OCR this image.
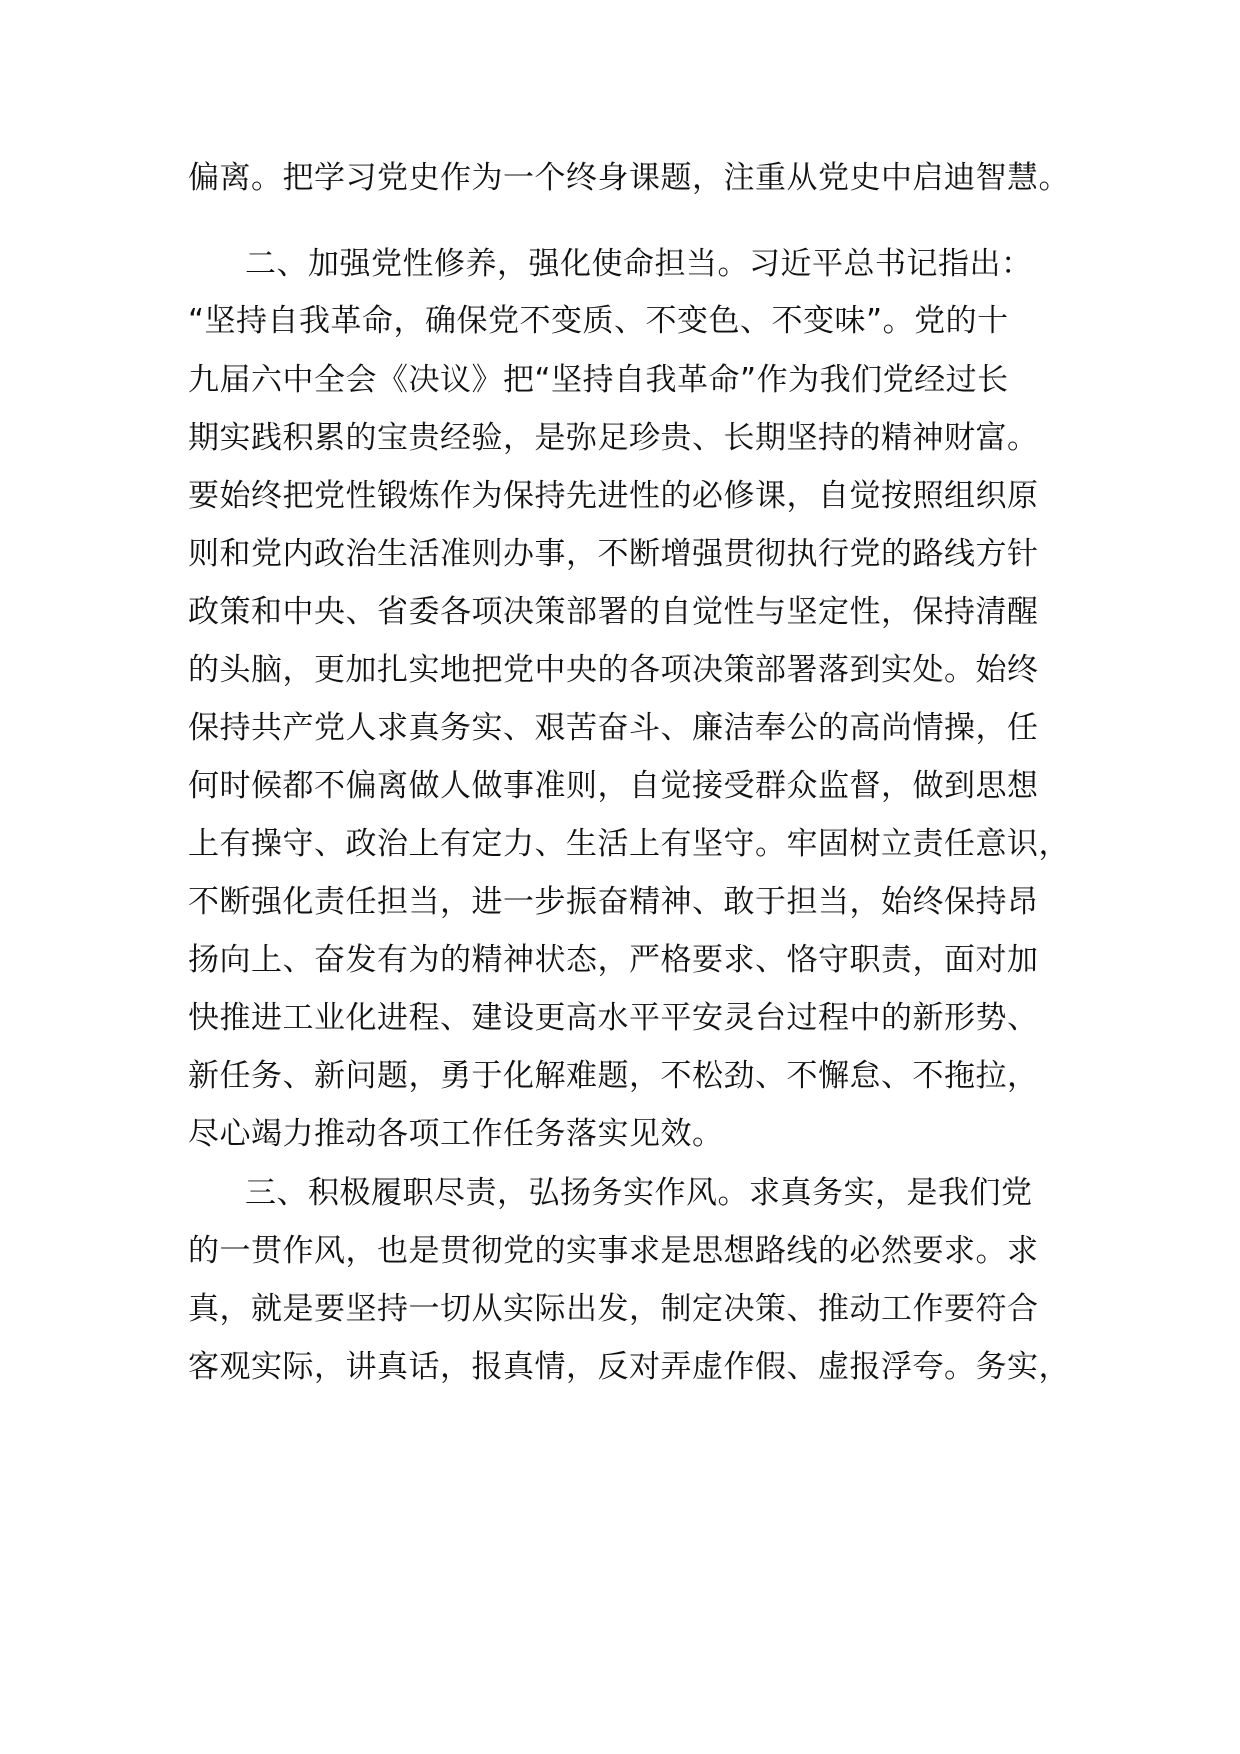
偏离。把学习党史作为一个终身课题，注重从党史中启迪智慧。
二、加强党性修养，强化使命担当。习近平总书记指出：
“坚持自我革命，确保党不变质、不变色、不变味”。党的十
九届六中全会《决议》把“坚持自我革命”作为我们党经过长
期实践积累的宝贵经验，是弥足珍贵、长期坚持的精神财富。
要始终把党性锻炼作为保持先进性的必修课，自觉按照组织原
则和党内政治生活准则办事，不断增强贯彻执行党的路线方针
政策和中央、省委各项决策部署的自觉性与坚定性，保持清醒
的头脑，更加扎实地把党中央的各项决策部署落到实处。始终
保持共产党人求真务实、艰苦奋斗、廉洁奉公的高尚情操，任
何时候都不偏离做人做事准则，自觉接受群众监督，做到思想
上有操守、政治上有定力、生活上有坚守。牢固树立责任意识，
不断强化责任担当，进一步振奋精神、敢于担当，始终保持昂
扬向上、奋发有为的精神状态，严格要求、恪守职责，面对加
快推进工业化进程、建设更高水平平安灵台过程中的新形势、
新任务、新问题，勇于化解难题，不松劲、不懈怠、不拖拉，
尽心竭力推动各项工作任务落实见效。
三、积极履职尽责，弘扬务实作风。求真务实，是我们党
的一贯作风，也是贯彻党的实事求是思想路线的必然要求。求
真，就是要坚持一切从实际出发，制定决策、推动工作要符合
客观实际，讲真话，报真情，反对弄虚作假、虚报浮夸。务实，
